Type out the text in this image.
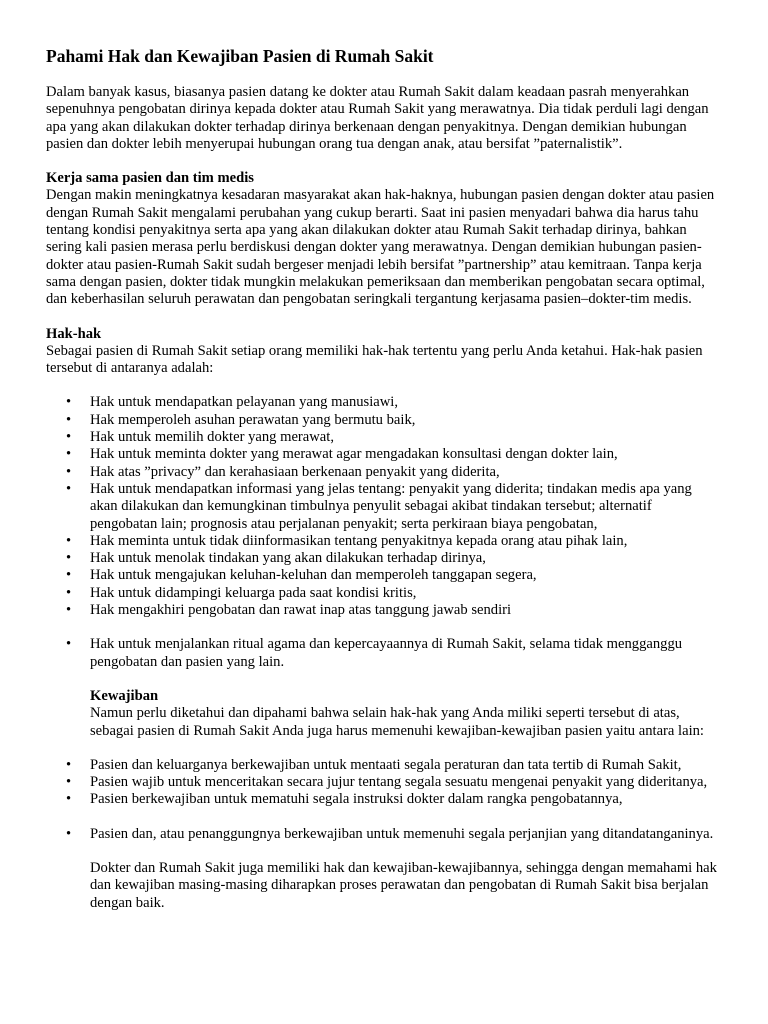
Pahami Hak dan Kewajiban Pasien di Rumah Sakit

Dalam banyak kasus, biasanya pasien datang ke dokter atau Rumah Sakit dalam keadaan pasrah menyerahkan sepenuhnya pengobatan dirinya kepada dokter atau Rumah Sakit yang merawatnya. Dia tidak perduli lagi dengan apa yang akan dilakukan dokter terhadap dirinya berkenaan dengan penyakitnya. Dengan demikian hubungan pasien dan dokter lebih menyerupai hubungan orang tua dengan anak, atau bersifat ”paternalistik”.

Kerja sama pasien dan tim medis

Dengan makin meningkatnya kesadaran masyarakat akan hak-haknya, hubungan pasien dengan dokter atau pasien dengan Rumah Sakit mengalami perubahan yang cukup berarti. Saat ini pasien menyadari bahwa dia harus tahu tentang kondisi penyakitnya serta apa yang akan dilakukan dokter atau Rumah Sakit terhadap dirinya, bahkan sering kali pasien merasa perlu berdiskusi dengan dokter yang merawatnya. Dengan demikian hubungan pasien-dokter atau pasien-Rumah Sakit sudah bergeser menjadi lebih bersifat ”partnership” atau kemitraan. Tanpa kerja sama dengan pasien, dokter tidak mungkin melakukan pemeriksaan dan memberikan pengobatan secara optimal, dan keberhasilan seluruh perawatan dan pengobatan seringkali tergantung kerjasama pasien–dokter-tim medis.

Hak-hak

Sebagai pasien di Rumah Sakit setiap orang memiliki hak-hak tertentu yang perlu Anda ketahui. Hak-hak pasien tersebut di antaranya adalah:

• Hak untuk mendapatkan pelayanan yang manusiawi,
• Hak memperoleh asuhan perawatan yang bermutu baik,
• Hak untuk memilih dokter yang merawat,
• Hak untuk meminta dokter yang merawat agar mengadakan konsultasi dengan dokter lain,
• Hak atas ”privacy” dan kerahasiaan berkenaan penyakit yang diderita,
• Hak untuk mendapatkan informasi yang jelas tentang: penyakit yang diderita; tindakan medis apa yang akan dilakukan dan kemungkinan timbulnya penyulit sebagai akibat tindakan tersebut; alternatif pengobatan lain; prognosis atau perjalanan penyakit; serta perkiraan biaya pengobatan,
• Hak meminta untuk tidak diinformasikan tentang penyakitnya kepada orang atau pihak lain,
• Hak untuk menolak tindakan yang akan dilakukan terhadap dirinya,
• Hak untuk mengajukan keluhan-keluhan dan memperoleh tanggapan segera,
• Hak untuk didampingi keluarga pada saat kondisi kritis,
• Hak mengakhiri pengobatan dan rawat inap atas tanggung jawab sendiri
• Hak untuk menjalankan ritual agama dan kepercayaannya di Rumah Sakit, selama tidak mengganggu pengobatan dan pasien yang lain.

Kewajiban

Namun perlu diketahui dan dipahami bahwa selain hak-hak yang Anda miliki seperti tersebut di atas, sebagai pasien di Rumah Sakit Anda juga harus memenuhi kewajiban-kewajiban pasien yaitu antara lain:

• Pasien dan keluarganya berkewajiban untuk mentaati segala peraturan dan tata tertib di Rumah Sakit,
• Pasien wajib untuk menceritakan secara jujur tentang segala sesuatu mengenai penyakit yang dideritanya,
• Pasien berkewajiban untuk mematuhi segala instruksi dokter dalam rangka pengobatannya,
• Pasien dan, atau penanggungnya berkewajiban untuk memenuhi segala perjanjian yang ditandatanganinya.

Dokter dan Rumah Sakit juga memiliki hak dan kewajiban-kewajibannya, sehingga dengan memahami hak dan kewajiban masing-masing diharapkan proses perawatan dan pengobatan di Rumah Sakit bisa berjalan dengan baik.
